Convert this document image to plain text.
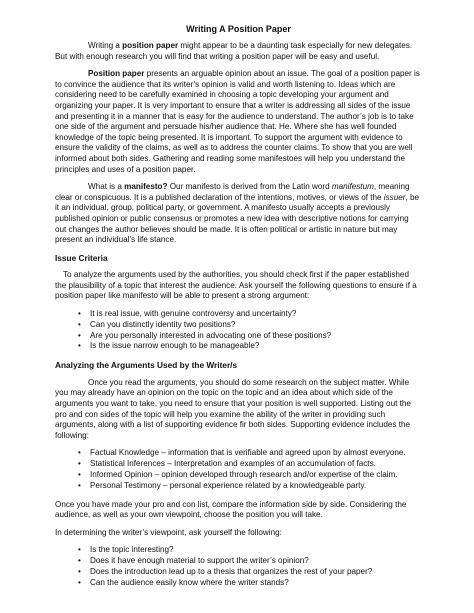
Writing A Position Paper

Writing a position paper might appear to be a daunting task especially for new delegates. But with enough research you will find that writing a position paper will be easy and useful.

Position paper presents an arguable opinion about an issue. The goal of a position paper is to convince the audience that its writer’s opinion is valid and worth listening to. Ideas which are considering need to be carefully examined in choosing a topic developing your argument and organizing your paper. It is very important to ensure that a writer is addressing all sides of the issue and presenting it in a manner that is easy for the audience to understand. The author’s job is to take one side of the argument and persuade his/her audience that. He. Where she has well founded knowledge of the topic being presented. It is important. To support the argument with evidence to ensure the validity of the claims, as well as to address the counter claims. To show that you are well informed about both sides. Gathering and reading some manifestoes will help you understand the principles and uses of a position paper.

What is a manifesto? Our manifesto is derived from the Latin word manifestum, meaning clear or conspicuous. It is a published declaration of the intentions, motives, or views of the issuer, be it an individual, group, political party, or government. A manifesto usually accepts a previously published opinion or public consensus or promotes a new idea with descriptive notions for carrying out changes the author believes should be made. It is often political or artistic in nature but may present an individual's life stance.

Issue Criteria

To analyze the arguments used by the authorities, you should check first if the paper established the plausibility of a topic that interest the audience. Ask yourself the following questions to ensure if a position paper like manifesto will be able to present a strong argument:

• It is real issue, with genuine controversy and uncertainty?
• Can you distinctly identity two positions?
• Are you personally interested in advocating one of these positions?
• Is the issue narrow enough to be manageable?
Analyzing the Arguments Used by the Writer/s

Once you read the arguments, you should do some research on the subject matter. While you may already have an opinion on the topic on the topic and an idea about which side of the arguments you want to take, you need to ensure that your position is well supported. Listing out the pro and con sides of the topic will help you examine the ability of the writer in providing such arguments, along with a list of supporting evidence fir both sides. Supporting evidence includes the following:

• Factual Knowledge – information that is verifiable and agreed upon by almost everyone.
• Statistical Inferences – Interpretation and examples of an accumulation of facts.
• Informed Opinion – opinion developed through research and/or expertise of the claim.
• Personal Testimony – personal experience related by a knowledgeable party.

Once you have made your pro and con list, compare the information side by side. Considering the audience, as well as your own viewpoint, choose the position you will take.

In determining the writer’s viewpoint, ask yourself the following:

• Is the topic interesting?
• Does it have enough material to support the writer’s opinion?
• Does the introduction lead up to a thesis that organizes the rest of your paper?
• Can the audience easily know where the writer stands?
